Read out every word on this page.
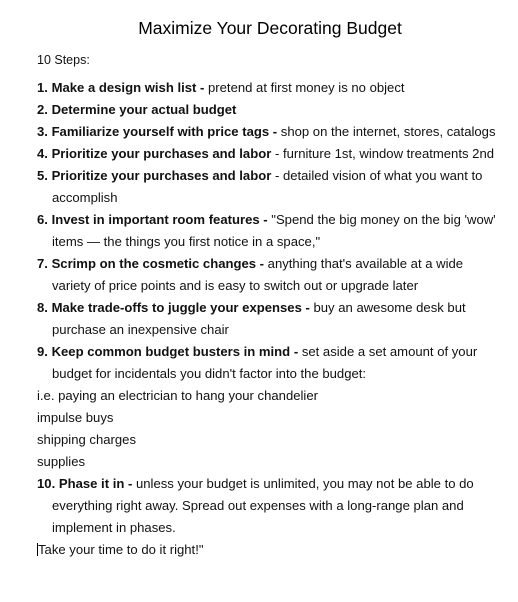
Maximize Your Decorating Budget
10 Steps:
1. Make a design wish list - pretend at first money is no object
2. Determine your actual budget
3. Familiarize yourself with price tags - shop on the internet, stores, catalogs
4. Prioritize your purchases and labor - furniture 1st, window treatments 2nd
5. Prioritize your purchases and labor - detailed vision of what you want to
accomplish
6. Invest in important room features - "Spend the big money on the big 'wow'
items — the things you first notice in a space,"
7. Scrimp on the cosmetic changes - anything that's available at a wide
variety of price points and is easy to switch out or upgrade later
8. Make trade-offs to juggle your expenses - buy an awesome desk but
purchase an inexpensive chair
9. Keep common budget busters in mind - set aside a set amount of your
budget for incidentals you didn't factor into the budget:
i.e. paying an electrician to hang your chandelier
impulse buys
shipping charges
supplies
10. Phase it in - unless your budget is unlimited, you may not be able to do
everything right away. Spread out expenses with a long-range plan and
implement in phases.
Take your time to do it right!"
